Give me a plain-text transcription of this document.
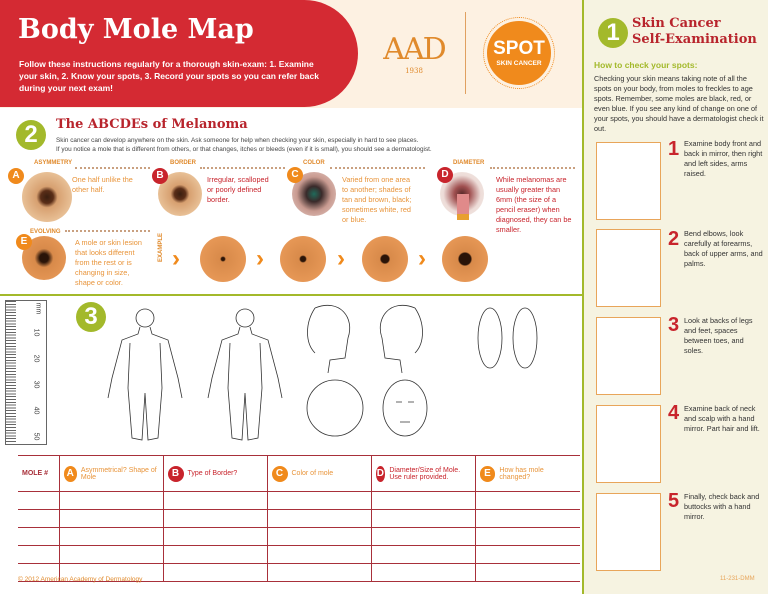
Body Mole Map
Follow these instructions regularly for a thorough skin-exam: 1. Examine your skin, 2. Know your spots, 3. Record your spots so you can refer back during your next exam!
AAD
1938
SPOT
SKIN CANCER
2	The ABCDEs of Melanoma
Skin cancer can develop anywhere on the skin. Ask someone for help when checking your skin, especially in hard to see places.
If you notice a mole that is different from others, or that changes, itches or bleeds (even if it is small), you should see a dermatologist.
A
ASYMMETRY
One half unlike the other half.
B
BORDER
Irregular, scalloped or poorly defined border.
C
COLOR
Varied from one area to another; shades of tan and brown, black; sometimes white, red or blue.
D
DIAMETER
While melanomas are usually greater than 6mm (the size of a pencil eraser) when diagnosed, they can be smaller.
E
EVOLVING
A mole or skin lesion that looks different from the rest or is changing in size, shape or color.
EXAMPLE ›	›	›	›
mm
10
20
30
40
50
3
MOLE #	A Asymmetrical? Shape of Mole	B Type of Border?	C Color of mole	D Diameter/Size of Mole. Use ruler provided.	E How has mole changed?

© 2012 American Academy of Dermatology
1 Skin Cancer
Self-Examination
How to check your spots:
Checking your skin means taking note of all the spots on your body, from moles to freckles to age spots. Remember, some moles are black, red, or even blue. If you see any kind of change on one of your spots, you should have a dermatologist check it out.
1 Examine body front and back in mirror, then right and left sides, arms raised.
2 Bend elbows, look carefully at forearms, back of upper arms, and palms.
3 Look at backs of legs and feet, spaces between toes, and soles.
4 Examine back of neck and scalp with a hand mirror. Part hair and lift.
5 Finally, check back and buttocks with a hand mirror.
11-231-DMM
